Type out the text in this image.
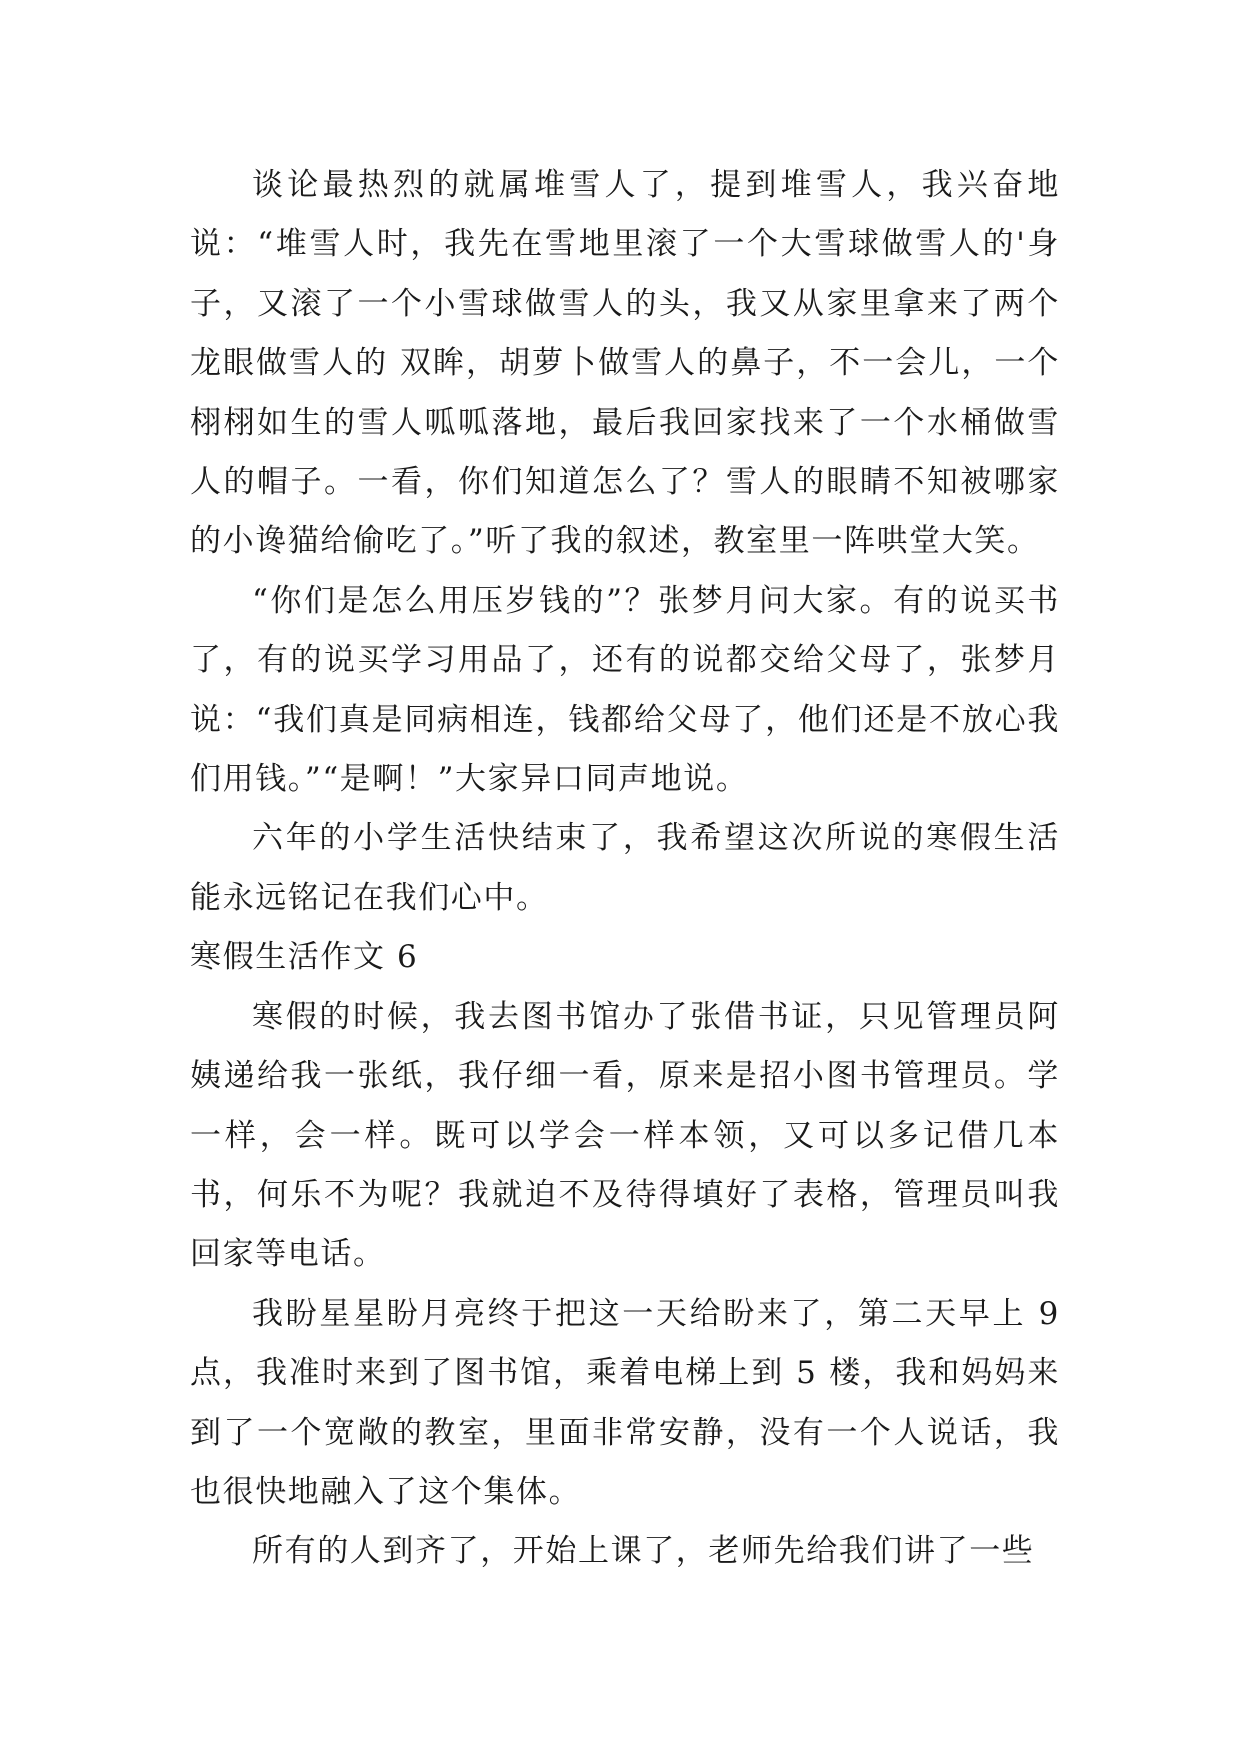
谈论最热烈的就属堆雪人了，提到堆雪人，我兴奋地说：“堆雪人时，我先在雪地里滚了一个大雪球做雪人的'身子，又滚了一个小雪球做雪人的头，我又从家里拿来了两个龙眼做雪人的 双眸，胡萝卜做雪人的鼻子，不一会儿，一个栩栩如生的雪人呱呱落地，最后我回家找来了一个水桶做雪人的帽子。一看，你们知道怎么了？雪人的眼睛不知被哪家的小谗猫给偷吃了。”听了我的叙述，教室里一阵哄堂大笑。

“你们是怎么用压岁钱的”？张梦月问大家。有的说买书了，有的说买学习用品了，还有的说都交给父母了，张梦月说：“我们真是同病相连，钱都给父母了，他们还是不放心我们用钱。”“是啊！”大家异口同声地说。

六年的小学生活快结束了，我希望这次所说的寒假生活能永远铭记在我们心中。

寒假生活作文 6

寒假的时候，我去图书馆办了张借书证，只见管理员阿姨递给我一张纸，我仔细一看，原来是招小图书管理员。学一样，会一样。既可以学会一样本领，又可以多记借几本书，何乐不为呢？我就迫不及待得填好了表格，管理员叫我回家等电话。

我盼星星盼月亮终于把这一天给盼来了，第二天早上 9 点，我准时来到了图书馆，乘着电梯上到 5 楼，我和妈妈来到了一个宽敞的教室，里面非常安静，没有一个人说话，我也很快地融入了这个集体。

所有的人到齐了，开始上课了，老师先给我们讲了一些
